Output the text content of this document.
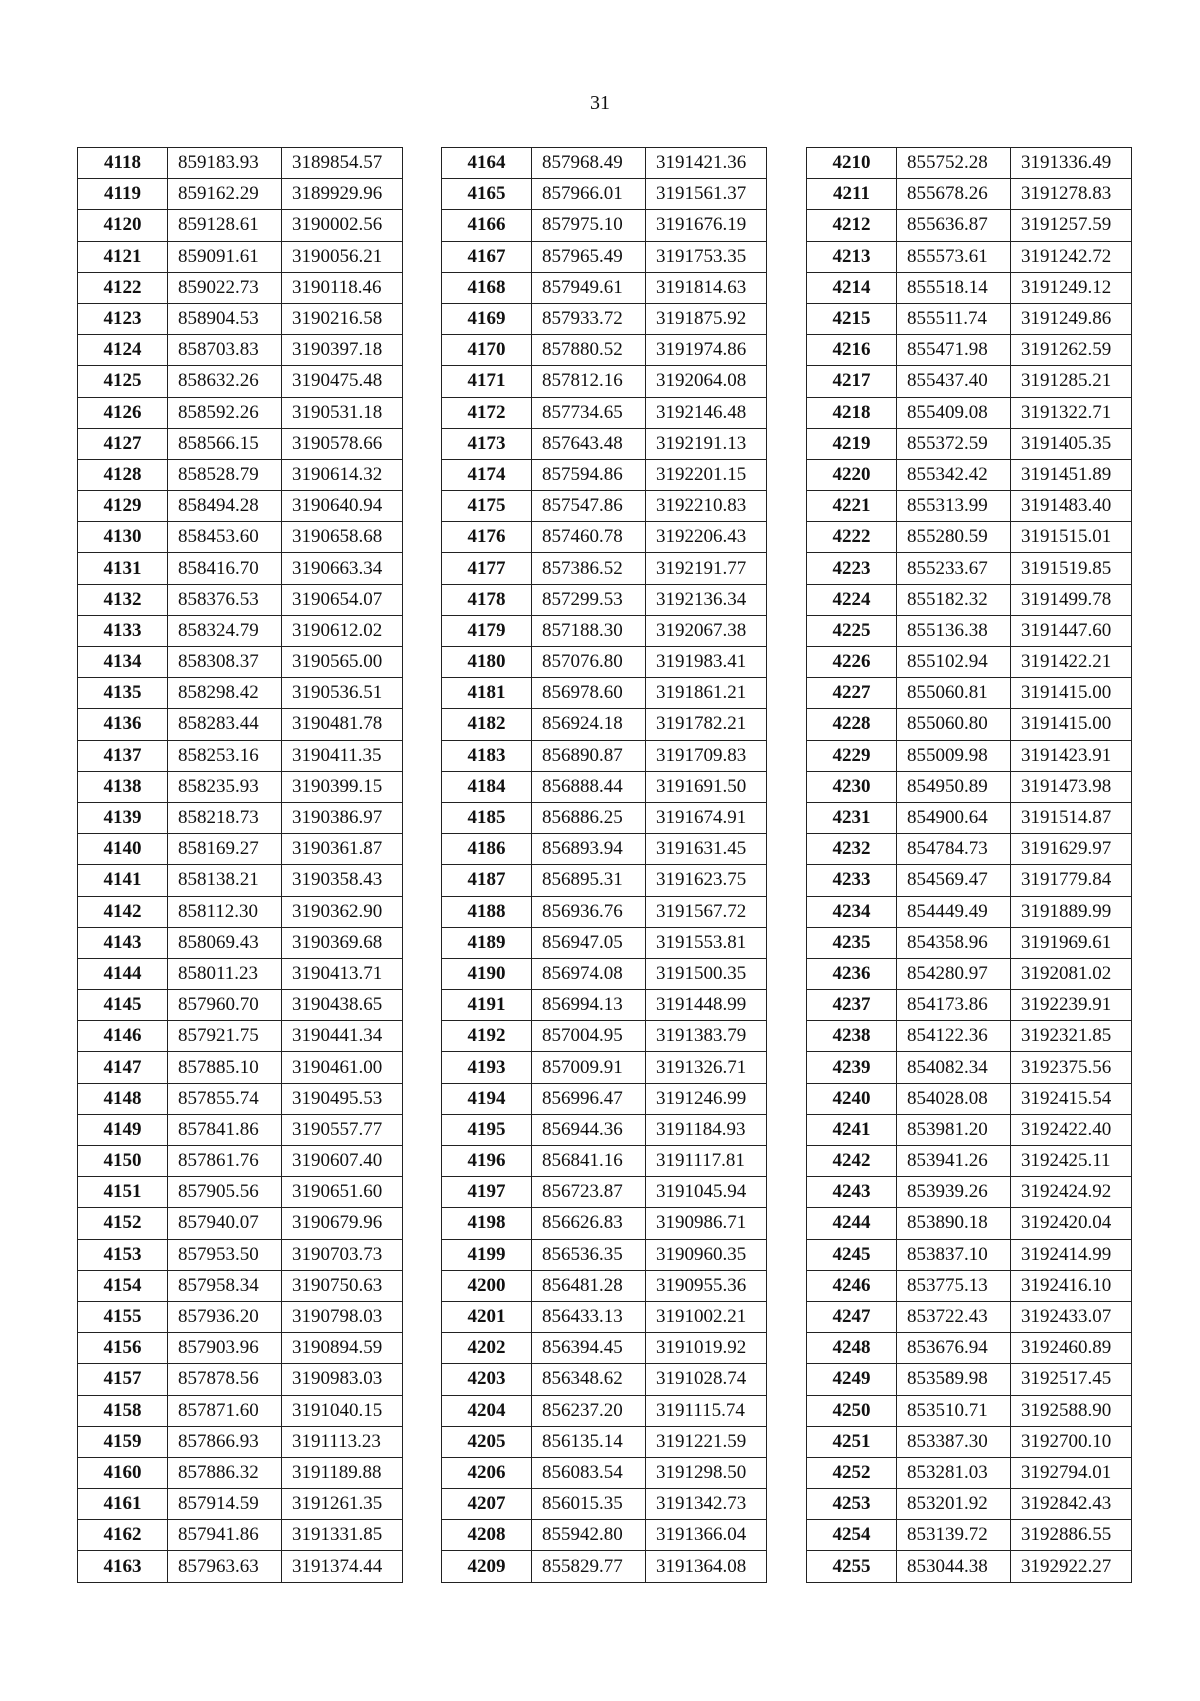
31
4118	859183.93	3189854.57
4119	859162.29	3189929.96
4120	859128.61	3190002.56
4121	859091.61	3190056.21
4122	859022.73	3190118.46
4123	858904.53	3190216.58
4124	858703.83	3190397.18
4125	858632.26	3190475.48
4126	858592.26	3190531.18
4127	858566.15	3190578.66
4128	858528.79	3190614.32
4129	858494.28	3190640.94
4130	858453.60	3190658.68
4131	858416.70	3190663.34
4132	858376.53	3190654.07
4133	858324.79	3190612.02
4134	858308.37	3190565.00
4135	858298.42	3190536.51
4136	858283.44	3190481.78
4137	858253.16	3190411.35
4138	858235.93	3190399.15
4139	858218.73	3190386.97
4140	858169.27	3190361.87
4141	858138.21	3190358.43
4142	858112.30	3190362.90
4143	858069.43	3190369.68
4144	858011.23	3190413.71
4145	857960.70	3190438.65
4146	857921.75	3190441.34
4147	857885.10	3190461.00
4148	857855.74	3190495.53
4149	857841.86	3190557.77
4150	857861.76	3190607.40
4151	857905.56	3190651.60
4152	857940.07	3190679.96
4153	857953.50	3190703.73
4154	857958.34	3190750.63
4155	857936.20	3190798.03
4156	857903.96	3190894.59
4157	857878.56	3190983.03
4158	857871.60	3191040.15
4159	857866.93	3191113.23
4160	857886.32	3191189.88
4161	857914.59	3191261.35
4162	857941.86	3191331.85
4163	857963.63	3191374.44
4164	857968.49	3191421.36
4165	857966.01	3191561.37
4166	857975.10	3191676.19
4167	857965.49	3191753.35
4168	857949.61	3191814.63
4169	857933.72	3191875.92
4170	857880.52	3191974.86
4171	857812.16	3192064.08
4172	857734.65	3192146.48
4173	857643.48	3192191.13
4174	857594.86	3192201.15
4175	857547.86	3192210.83
4176	857460.78	3192206.43
4177	857386.52	3192191.77
4178	857299.53	3192136.34
4179	857188.30	3192067.38
4180	857076.80	3191983.41
4181	856978.60	3191861.21
4182	856924.18	3191782.21
4183	856890.87	3191709.83
4184	856888.44	3191691.50
4185	856886.25	3191674.91
4186	856893.94	3191631.45
4187	856895.31	3191623.75
4188	856936.76	3191567.72
4189	856947.05	3191553.81
4190	856974.08	3191500.35
4191	856994.13	3191448.99
4192	857004.95	3191383.79
4193	857009.91	3191326.71
4194	856996.47	3191246.99
4195	856944.36	3191184.93
4196	856841.16	3191117.81
4197	856723.87	3191045.94
4198	856626.83	3190986.71
4199	856536.35	3190960.35
4200	856481.28	3190955.36
4201	856433.13	3191002.21
4202	856394.45	3191019.92
4203	856348.62	3191028.74
4204	856237.20	3191115.74
4205	856135.14	3191221.59
4206	856083.54	3191298.50
4207	856015.35	3191342.73
4208	855942.80	3191366.04
4209	855829.77	3191364.08
4210	855752.28	3191336.49
4211	855678.26	3191278.83
4212	855636.87	3191257.59
4213	855573.61	3191242.72
4214	855518.14	3191249.12
4215	855511.74	3191249.86
4216	855471.98	3191262.59
4217	855437.40	3191285.21
4218	855409.08	3191322.71
4219	855372.59	3191405.35
4220	855342.42	3191451.89
4221	855313.99	3191483.40
4222	855280.59	3191515.01
4223	855233.67	3191519.85
4224	855182.32	3191499.78
4225	855136.38	3191447.60
4226	855102.94	3191422.21
4227	855060.81	3191415.00
4228	855060.80	3191415.00
4229	855009.98	3191423.91
4230	854950.89	3191473.98
4231	854900.64	3191514.87
4232	854784.73	3191629.97
4233	854569.47	3191779.84
4234	854449.49	3191889.99
4235	854358.96	3191969.61
4236	854280.97	3192081.02
4237	854173.86	3192239.91
4238	854122.36	3192321.85
4239	854082.34	3192375.56
4240	854028.08	3192415.54
4241	853981.20	3192422.40
4242	853941.26	3192425.11
4243	853939.26	3192424.92
4244	853890.18	3192420.04
4245	853837.10	3192414.99
4246	853775.13	3192416.10
4247	853722.43	3192433.07
4248	853676.94	3192460.89
4249	853589.98	3192517.45
4250	853510.71	3192588.90
4251	853387.30	3192700.10
4252	853281.03	3192794.01
4253	853201.92	3192842.43
4254	853139.72	3192886.55
4255	853044.38	3192922.27
